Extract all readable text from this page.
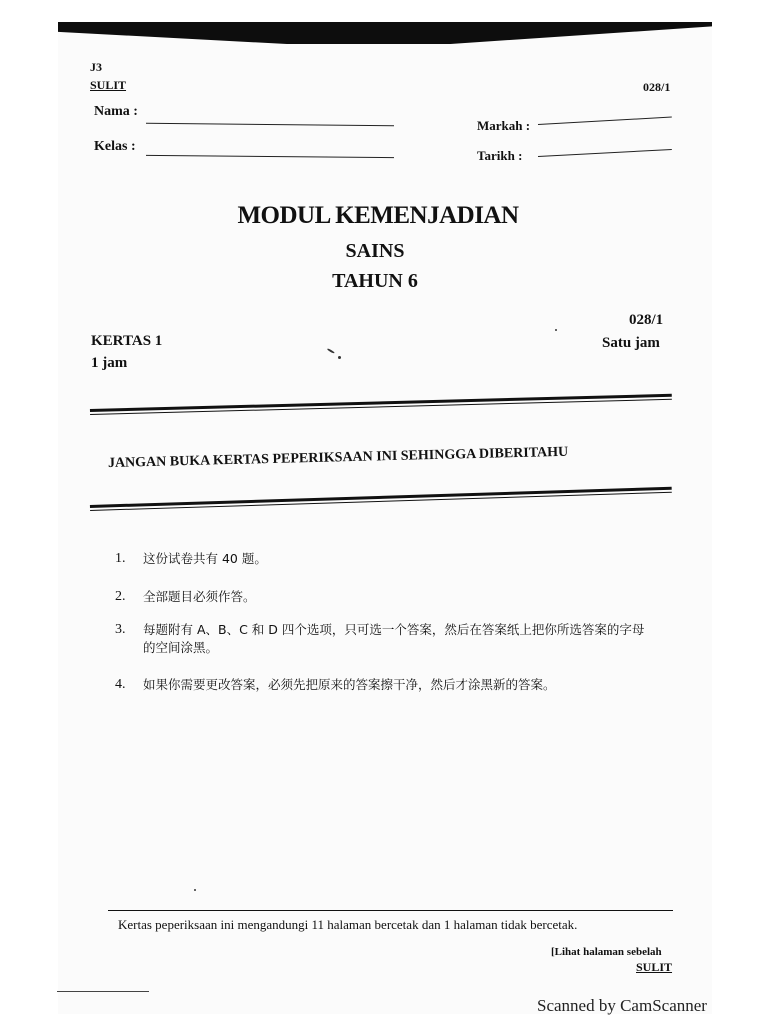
J3
SULIT	028/1
Nama :
Kelas :
Markah :
Tarikh :
MODUL KEMENJADIAN
SAINS
TAHUN 6
KERTAS 1
1 jam
028/1
Satu jam
JANGAN BUKA KERTAS PEPERIKSAAN INI SEHINGGA DIBERITAHU
1.	这份试卷共有 40 题。
2.	全部题目必须作答。
3.	每题附有 A、B、C 和 D 四个选项，只可选一个答案，然后在答案纸上把你所选答案的字母的空间涂黑。
4.	如果你需要更改答案，必须先把原来的答案擦干净，然后才涂黑新的答案。
Kertas peperiksaan ini mengandungi 11 halaman bercetak dan 1 halaman tidak bercetak.
[Lihat halaman sebelah
SULIT
Scanned by CamScanner
